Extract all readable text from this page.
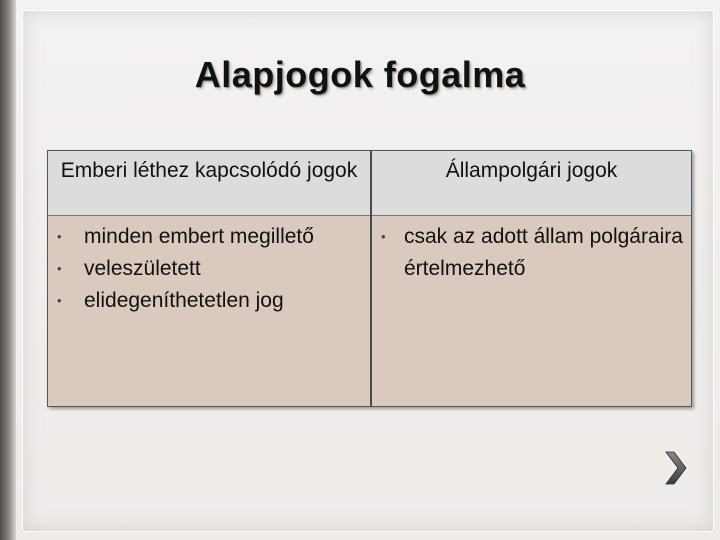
Alapjogok fogalma
Emberi léthez kapcsolódó jogok	Állampolgári jogok
• minden embert megillető
• veleszületett
• elidegeníthetetlen jog
• csak az adott állam polgáraira értelmezhető
